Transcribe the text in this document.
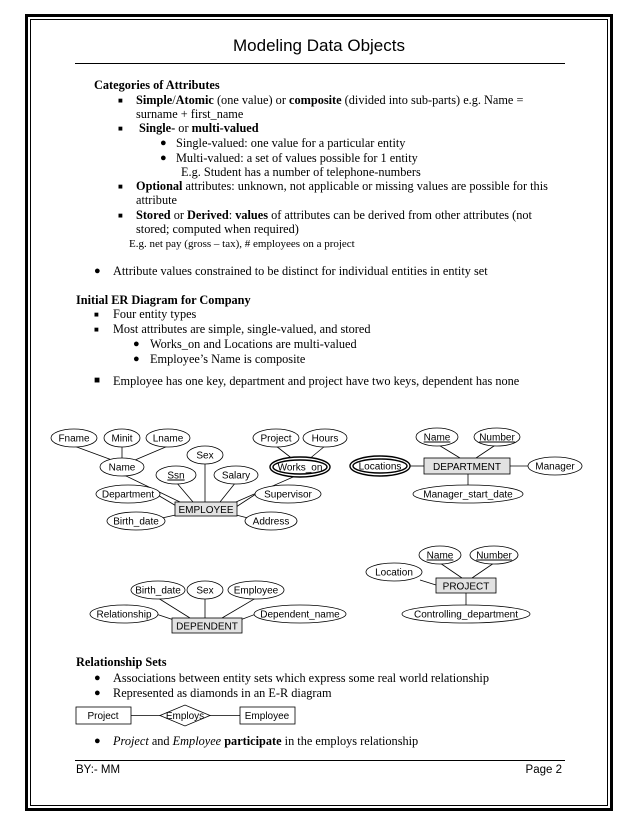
Modeling Data Objects
Categories of Attributes
■ Simple/Atomic (one value) or composite (divided into sub-parts) e.g. Name =
surname + first_name
■ Single- or multi-valued
● Single-valued: one value for a particular entity
● Multi-valued: a set of values possible for 1 entity
E.g. Student has a number of telephone-numbers
■ Optional attributes: unknown, not applicable or missing values are possible for this
attribute
■ Stored or Derived: values of attributes can be derived from other attributes (not
stored; computed when required)
E.g. net pay (gross – tax), # employees on a project
● Attribute values constrained to be distinct for individual entities in entity set
Initial ER Diagram for Company
■ Four entity types
■ Most attributes are simple, single-valued, and stored
● Works_on and Locations are multi-valued
● Employee’s Name is composite
■ Employee has one key, department and project have two keys, dependent has none
Fname Minit Lname
Name
Ssn
Sex
Salary
Project Hours
Works_on
Department	Supervisor
Birth_date	Address
EMPLOYEE
Name	Number
Locations	Manager
Manager_start_date
DEPARTMENT
Name Number
Location
Controlling_department
PROJECT
Birth_date Sex Employee
Relationship	Dependent_name
DEPENDENT
Relationship Sets
● Associations between entity sets which express some real world relationship
● Represented as diamonds in an E-R diagram
● Project and Employee participate in the employs relationship
Project	Employs	Employee
BY:- MM	Page 2
